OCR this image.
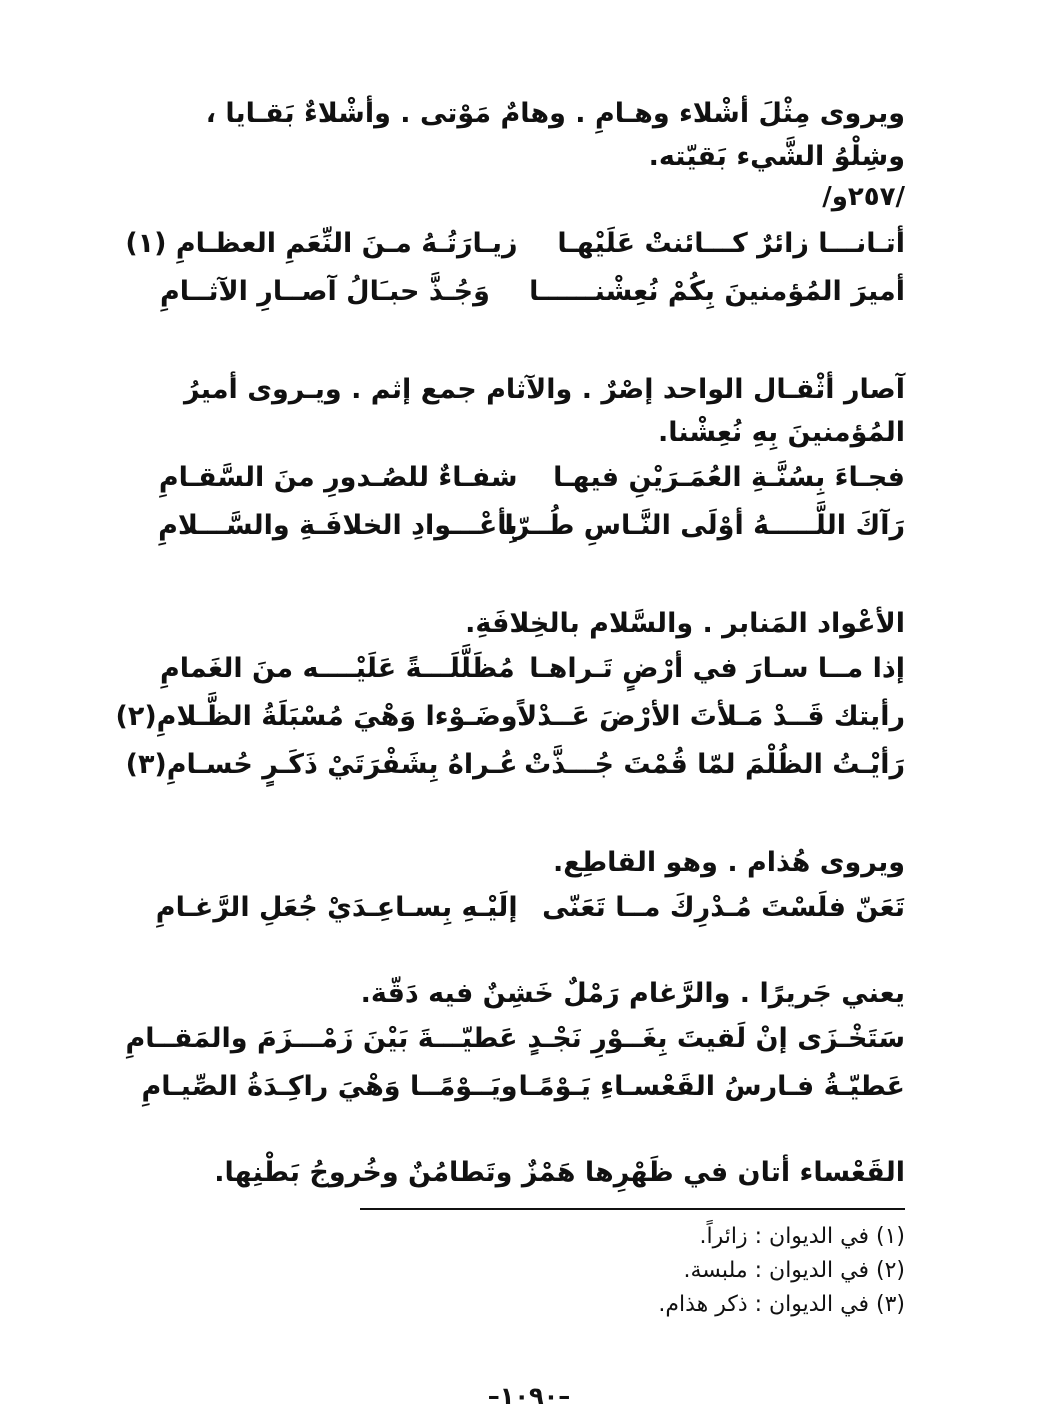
ويروى مِثْلَ أشْلاء وهـامِ . وهامٌ مَوْتى . وأشْلاءٌ بَقـايا ، وشِلْوُ الشَّيء بَقيّته.

/٢٥٧و/

أتـانـــا زائرٌ كـــائنتْ عَلَيْهـا
زيـارَتُـهُ مـنَ النِّعَمِ العظـامِ (١)
أميرَ المُؤمنينَ بِكُمْ نُعِشْنــــــا
وَجُـذَّ حبـَالُ آصــارِ الآثــامِ

آصار أثْقـال الواحد إصْرٌ . والآثام جمع إثم . ويـروى أميرُ المُؤمنينَ بِهِ نُعِشْنا.

فجـاءَ بِسُنَّـةِ العُمَـرَيْنِ فيهـا
شفـاءٌ للصُـدورِ منَ السَّقـامِ
رَآكَ اللَّـــــهُ أوْلَى النَّـاسِ طُــرّا
بِأعْـــوادِ الخلافَـةِ والسَّـــلامِ

الأعْواد المَنابر . والسَّلام بالخِلافَةِ.

إذا مــا سـارَ في أرْضٍ تَـراهـا
مُظَلَّلَـــةً عَلَيْــــه منَ الغَمامِ
رأيتك قَــدْ مَـلأتَ الأرْضَ عَــدْلاً
وضَـوْءا وَهْيَ مُسْبَلَةُ الظَّـلامِ(٢)
رَأيْـتُ الظُلْمَ لمّا قُمْتَ جُـــذَّتْ
عُـراهُ بِشَفْرَتَيْ ذَكَـرٍ حُسـامِ(٣)

ويروى هُذام . وهو القاطِع.

تَعَنّ فلَسْتَ مُـدْرِكَ مــا تَعَنّى
إلَيْـهِ بِسـاعِـدَيْ جُعَلِ الرَّغـامِ

يعني جَريرًا . والرَّغام رَمْلٌ خَشِنٌ فيه دَقّة.

سَتَخْـزَى إنْ لَقيتَ بِغَــوْرِ نَجْـدٍ
عَطيّـــةَ بَيْنَ زَمْـــزَمَ والمَقــامِ
عَطيّـةُ فـارسُ القَعْسـاءِ يَـوْمًـا
ويَــوْمًــا وَهْيَ راكِـدَةُ الصِّيـامِ

القَعْساء أتان في ظَهْرِها هَمْزٌ وتَطامُنٌ وخُروجُ بَطْنِها.

(١) في الديوان : زائراً.
(٢) في الديوان : ملبسة.
(٣) في الديوان : ذكر هذام.
–١٠٩٠–
